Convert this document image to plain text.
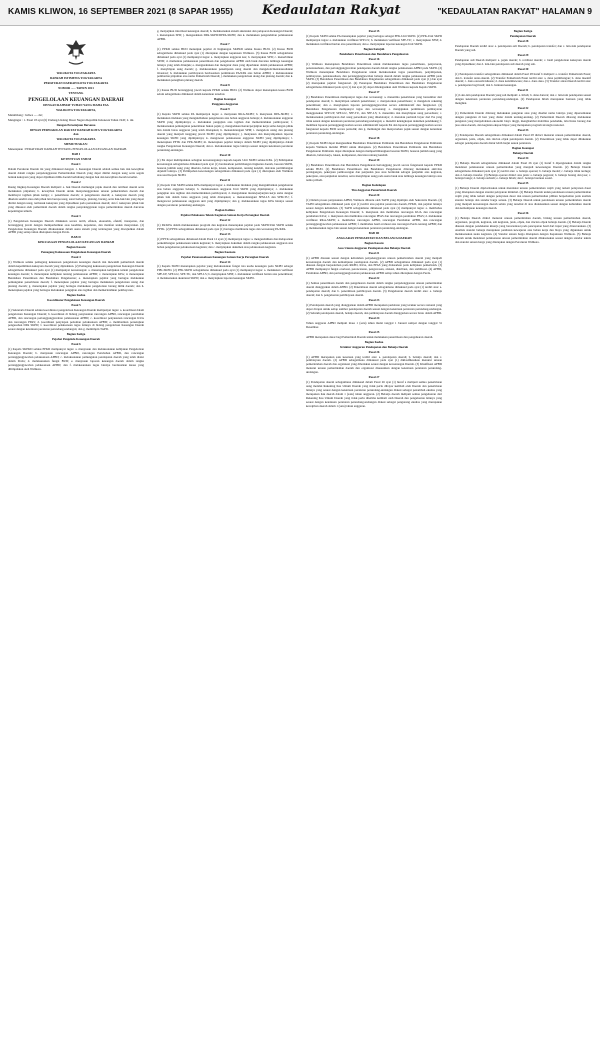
KAMIS KLIWON, 16 SEPTEMBER 2021 (8 SAPAR 1955) Kedaulatan Rakyat	"KEDAULATAN RAKYAT" HALAMAN 9

WALIKOTA YOGYAKARTA

DAERAH ISTIMEWA YOGYAKARTA

PERATURAN DAERAH KOTA YOGYAKARTA

NOMOR ...... TAHUN 2021

TENTANG

PENGELOLAAN KEUANGAN DAERAH

DENGAN RAHMAT TUHAN YANG MAHA ESA

WALIKOTA YOGYAKARTA,

Menimbang : bahwa ..... dst;

Mengingat : 1. Pasal 18 ayat (6) Undang-Undang Dasar Negara Republik Indonesia Tahun 1945; 2. dst.

Dengan Persetujuan Bersama

DEWAN PERWAKILAN RAKYAT DAERAH KOTA YOGYAKARTA

dan

WALIKOTA YOGYAKARTA

MEMUTUSKAN:

Menetapkan : PERATURAN DAERAH TENTANG PENGELOLAAN KEUANGAN DAERAH.

BAB I

KETENTUAN UMUM

Pasal 1

Dalam Peraturan Daerah ini yang dimaksud dengan: 1. Keuangan Daerah adalah semua hak dan kewajiban daerah dalam rangka penyelenggaraan Pemerintahan Daerah yang dapat dinilai dengan uang serta segala bentuk kekayaan yang dapat dijadikan milik daerah berhubung dengan hak dan kewajiban daerah tersebut.

Pasal 2

Ruang lingkup Keuangan Daerah meliputi: a. hak Daerah memungut pajak daerah dan retribusi daerah serta melakukan pinjaman; b. kewajiban Daerah untuk menyelenggarakan urusan pemerintahan daerah dan membayar tagihan pihak ketiga; c. penerimaan daerah; d. pengeluaran daerah; e. kekayaan daerah yang dikelola sendiri atau oleh pihak lain berupa uang, surat berharga, piutang, barang, serta hak-hak lain yang dapat dinilai dengan uang, termasuk kekayaan yang dipisahkan pada perusahaan daerah; dan f. kekayaan pihak lain yang dikuasai oleh pemerintah daerah dalam rangka penyelenggaraan tugas pemerintahan daerah dan/atau kepentingan umum.

Pasal 3

(1) Pengelolaan Keuangan Daerah dilakukan secara tertib, efisien, ekonomis, efektif, transparan, dan bertanggung jawab dengan memperhatikan asas keadilan, kepatutan, dan manfaat untuk masyarakat. (2) Pengelolaan Keuangan Daerah dilaksanakan dalam suatu sistem yang terintegrasi yang diwujudkan dalam APBD yang setiap tahun ditetapkan dengan Perda.

BAB II

KEKUASAAN PENGELOLAAN KEUANGAN DAERAH

Bagian Kesatu

Pemegang Kekuasaan Pengelolaan Keuangan Daerah

Pasal 4

(1) Walikota selaku pemegang kekuasaan pengelolaan keuangan daerah dan mewakili pemerintah daerah dalam kepemilikan kekayaan daerah yang dipisahkan. (2) Pemegang kekuasaan pengelolaan Keuangan Daerah sebagaimana dimaksud pada ayat (1) mempunyai kewenangan: a. menetapkan kebijakan terkait pengelolaan keuangan daerah; b. menetapkan kebijakan tentang pelaksanaan APBD; c. menetapkan KPA; d. menetapkan Bendahara Penerimaan dan Bendahara Pengeluaran; e. menetapkan pejabat yang bertugas melakukan pemungutan penerimaan daerah; f. menetapkan pejabat yang bertugas melakukan pengelolaan utang dan piutang daerah; g. menetapkan pejabat yang bertugas melakukan pengelolaan barang milik daerah; dan h. menetapkan pejabat yang bertugas melakukan pengujian atas tagihan dan memerintahkan pembayaran.

Bagian Kedua

Koordinator Pengelolaan Keuangan Daerah

Pasal 5

(1) Sekretaris Daerah selaku koordinator pengelolaan Keuangan Daerah mempunyai tugas: a. koordinasi dalam pengelolaan Keuangan Daerah; b. koordinasi di bidang penyusunan rancangan APBD, rancangan perubahan APBD, dan rancangan pertanggungjawaban pelaksanaan APBD; c. koordinasi penyusunan rancangan KUA dan rancangan PPAS; d. koordinasi penyiapan pedoman pelaksanaan APBD; e. memberikan persetujuan pengesahan DPA SKPD; f. koordinasi pelaksanaan tugas lainnya di bidang pengelolaan Keuangan Daerah sesuai dengan ketentuan peraturan perundang-undangan; dan g. memimpin TAPD.

Bagian Ketiga

Pejabat Pengelola Keuangan Daerah

Pasal 6

(1) Kepala SKPKD selaku PPKD mempunyai tugas: a. menyusun dan melaksanakan kebijakan Pengelolaan Keuangan Daerah; b. menyusun rancangan APBD, rancangan Perubahan APBD, dan rancangan pertanggungjawaban pelaksanaan APBD; c. melaksanakan pemungutan pendapatan daerah yang telah diatur dalam Perda; d. melaksanakan fungsi BUD; e. menyusun laporan keuangan daerah dalam rangka pertanggungjawaban pelaksanaan APBD; dan f. melaksanakan tugas lainnya berdasarkan kuasa yang dilimpahkan oleh Walikota.

g. menyajikan informasi keuangan daerah; h. melaksanakan sistem akuntansi dan pelaporan Keuangan Daerah; i. menetapkan SPD; j. mengesahkan DPA-SKPD/DPPA-SKPD; dan k. melakukan pengendalian pelaksanaan APBD.

Pasal 7

(1) PPKD selaku BUD menunjuk pejabat di lingkungan SKPKD selaku Kuasa BUD. (2) Kuasa BUD sebagaimana dimaksud pada ayat (1) ditetapkan dengan keputusan Walikota. (3) Kuasa BUD sebagaimana dimaksud pada ayat (1) mempunyai tugas: a. menyiapkan anggaran kas; b. menyiapkan SPD; c. menerbitkan SP2D; d. memantau pelaksanaan penerimaan dan pengeluaran APBD oleh bank dan/atau lembaga keuangan lainnya yang telah ditunjuk; e. mengusahakan dan mengatur dana yang diperlukan dalam pelaksanaan APBD; f. menyimpan uang daerah; g. melaksanakan penempatan uang daerah dan mengelola/menatausahakan investasi; h. melakukan pembayaran berdasarkan permintaan PA/KPA atas beban APBD; i. melaksanakan pemberian pinjaman atas nama Pemerintah Daerah; j. melakukan pengelolaan utang dan piutang daerah; dan k. melakukan penagihan piutang daerah.

Pasal 8

(1) Kuasa BUD bertanggung jawab kepada PPKD selaku BUD. (2) Walikota dapat menetapkan kuasa BUD selain sebagaimana dimaksud dalam ketentuan tersebut.

Bagian Keempat

Pengguna Anggaran

Pasal 9

(1) Kepala SKPD selaku PA mempunyai tugas: a. menyusun RKA-SKPD; b. menyusun DPA-SKPD; c. melakukan tindakan yang mengakibatkan pengeluaran atas beban anggaran belanja; d. melaksanakan anggaran SKPD yang dipimpinnya; e. melakukan pengujian atas tagihan dan memerintahkan pembayaran; f. melaksanakan pemungutan penerimaan bukan pajak; g. mengadakan ikatan/perjanjian kerja sama dengan pihak lain dalam batas anggaran yang telah ditetapkan; h. menandatangani SPM; i. mengelola utang dan piutang daerah yang menjadi tanggung jawab SKPD yang dipimpinnya; j. menyusun dan menyampaikan laporan keuangan SKPD yang dipimpinnya; k. mengawasi pelaksanaan anggaran SKPD yang dipimpinnya; l. menetapkan PPTK dan PPK-SKPD; m. menetapkan pejabat lainnya dalam SKPD yang dipimpinnya dalam rangka Pengelolaan Keuangan Daerah; dan n. melaksanakan tugas lainnya sesuai dengan ketentuan peraturan perundang-undangan.

Pasal 10

(1) PA dapat melimpahkan sebagian kewenangannya kepada kepala Unit SKPD selaku KPA. (2) Pelimpahan kewenangan sebagaimana dimaksud pada ayat (1) berdasarkan pertimbangan tingkatan daerah, besaran SKPD, besaran jumlah uang yang dikelola, beban kerja, lokasi, kompetensi, rentang kendali, dan/atau pertimbangan objektif lainnya. (3) Pelimpahan kewenangan sebagaimana dimaksud pada ayat (1) ditetapkan oleh Walikota atas usul Kepala SKPD.

Pasal 11

(1) Kepala Unit SKPD selaku KPA mempunyai tugas: a. melakukan tindakan yang mengakibatkan pengeluaran atas beban anggaran belanja; b. melaksanakan anggaran Unit SKPD yang dipimpinnya; c. melakukan pengujian atas tagihan dan memerintahkan pembayaran; d. mengadakan ikatan/perjanjian kerja sama dengan pihak lain dalam batas anggaran yang telah ditetapkan; e. menandatangani SPM-LS dan SPM-TU; f. mengawasi pelaksanaan anggaran unit yang dipimpinnya; dan g. melaksanakan tugas KPA lainnya sesuai dengan peraturan perundang-undangan.

Bagian Kelima

Pejabat Pelaksana Teknis Kegiatan Satuan Kerja Perangkat Daerah

Pasal 12

(1) PA/KPA dalam melaksanakan program dan kegiatan menetapkan pejabat pada SKPD/Unit SKPD selaku PPTK. (2) PPTK sebagaimana dimaksud pada ayat (1) bertugas membantu tugas dan wewenang PA/KPA.

Pasal 13

(1) PPTK sebagaimana dimaksud dalam Pasal 12 ayat (1) mempunyai tugas: a. mengendalikan dan melaporkan perkembangan pelaksanaan teknis kegiatan; b. menyiapkan dokumen dalam rangka pelaksanaan anggaran atas beban pengeluaran pelaksanaan kegiatan; dan c. menyiapkan dokumen atas pelaksanaan kegiatan.

Bagian Keenam

Pejabat Penatausahaan Keuangan Satuan Kerja Perangkat Daerah

Pasal 14

(1) Kepala SKPD menetapkan pejabat yang melaksanakan fungsi tata usaha keuangan pada SKPD sebagai PPK-SKPD. (2) PPK-SKPD sebagaimana dimaksud pada ayat (1) mempunyai tugas: a. melakukan verifikasi SPP-UP, SPP-GU, SPP-TU, dan SPP-LS; b. menyiapkan SPM; c. melakukan verifikasi harian atas penerimaan; d. melaksanakan akuntansi SKPD; dan e. menyiapkan laporan keuangan SKPD.

Pasal 15

(1) Kepala SKPD selaku PA menetapkan pejabat yang bertugas sebagai PPK-Unit SKPD. (2) PPK-Unit SKPD mempunyai tugas: a. melakukan verifikasi SPP-LS; b. melakukan verifikasi SPP-TU; c. menyiapkan SPM; d. melakukan verifikasi harian atas penerimaan; dan e. menyiapkan laporan keuangan Unit SKPD.

Bagian Ketujuh

Bendahara Penerimaan dan Bendahara Pengeluaran

Pasal 16

(1) Walikota menetapkan Bendahara Penerimaan untuk melaksanakan tugas penerimaan, penyetoran, penatausahaan, dan pertanggungjawaban pendapatan daerah dalam rangka pelaksanaan APBD pada SKPD. (2) Walikota menetapkan Bendahara Pengeluaran untuk melaksanakan tugas penerimaan, penyimpanan, pembayaran, penatausahaan, dan pertanggungjawaban belanja daerah dalam rangka pelaksanaan APBD pada SKPD. (3) Bendahara Penerimaan dan Bendahara Pengeluaran sebagaimana dimaksud pada ayat (1) dan ayat (2) merupakan pejabat fungsional. (4) Penetapan Bendahara Penerimaan dan Bendahara Pengeluaran sebagaimana dimaksud pada ayat (1) dan ayat (2) dapat didelegasikan oleh Walikota kepada Kepala SKPD.

Pasal 17

(1) Bendahara Penerimaan mempunyai tugas dan wewenang: a. menerima penerimaan yang bersumber dari pendapatan daerah; b. menyimpan seluruh penerimaan; c. menyetorkan penerimaan; d. mengelola rekening penerimaan; dan e. menyiapkan laporan pertanggungjawaban secara administratif dan fungsional. (2) Bendahara Pengeluaran mempunyai tugas dan wewenang: a. mengajukan permintaan pembayaran menggunakan SPP-UP, SPP-GU, SPP-TU, dan SPP-LS; b. menerima dan menyimpan uang persediaan; c. melaksanakan pembayaran dari uang persediaan yang dikelolanya; d. menolak perintah bayar dari PA yang tidak sesuai dengan ketentuan peraturan perundang-undangan; e. meneliti kelengkapan dokumen pendukung; f. membuat laporan pertanggungjawaban secara administratif kepada PA dan laporan pertanggungjawaban secara fungsional kepada BUD secara periodik; dan g. memungut dan menyetorkan pajak sesuai dengan ketentuan peraturan perundang-undangan.

Pasal 18

(1) Kepala SKPD dapat mengusulkan Bendahara Penerimaan Pembantu dan Bendahara Pengeluaran Pembantu kepada Walikota melalui PPKD untuk ditetapkan. (2) Bendahara Penerimaan Pembantu dan Bendahara Pengeluaran Pembantu dapat ditetapkan dengan mempertimbangkan besaran SKPD, besaran jumlah uang yang dikelola, beban kerja, lokasi, kompetensi, dan/atau rentang kendali.

Pasal 19

(1) Bendahara Penerimaan dan Bendahara Pengeluaran bertanggung jawab secara fungsional kepada PPKD selaku BUD. (2) Bendahara Penerimaan dan Bendahara Pengeluaran dilarang melakukan aktivitas perdagangan, pekerjaan pemborongan dan penjualan jasa atau bertindak sebagai penjamin atas kegiatan, pekerjaan, atau penjualan tersebut, serta menyimpan uang pada suatu bank atau lembaga keuangan lainnya atas nama pribadi.

Bagian Kedelapan

Tim Anggaran Pemerintah Daerah

Pasal 20

(1) Dalam proses penyusunan APBD, Walikota dibantu oleh TAPD yang dipimpin oleh Sekretaris Daerah. (2) TAPD sebagaimana dimaksud pada ayat (1) terdiri atas pejabat perencana daerah, PPKD, dan pejabat lainnya sesuai dengan kebutuhan. (3) TAPD sebagaimana dimaksud pada ayat (1) mempunyai tugas: a. membahas kebijakan Pengelolaan Keuangan Daerah; b. menyusun dan membahas rancangan KUA dan rancangan perubahan KUA; c. menyusun dan membahas rancangan PPAS dan rancangan perubahan PPAS; d. melakukan verifikasi RKA-SKPD; e. membahas rancangan APBD, rancangan Perubahan APBD, dan rancangan pertanggungjawaban pelaksanaan APBD; f. membahas hasil evaluasi atas rancangan Perda tentang APBD; dan g. melaksanakan tugas lain sesuai dengan ketentuan peraturan perundang-undangan.

BAB III

ANGGARAN PENDAPATAN DAN BELANJA DAERAH

Bagian Kesatu

Asas Umum Anggaran Pendapatan dan Belanja Daerah

Pasal 21

(1) APBD disusun sesuai dengan kebutuhan penyelenggaraan urusan pemerintahan daerah yang menjadi kewenangan daerah dan kemampuan pendapatan daerah. (2) APBD sebagaimana dimaksud pada ayat (1) disusun dengan berpedoman pada RKPD, KUA, dan PPAS yang didasarkan pada kebijakan pemerintah. (3) APBD mempunyai fungsi otorisasi, perencanaan, pengawasan, alokasi, distribusi, dan stabilisasi. (4) APBD, Perubahan APBD, dan pertanggungjawaban pelaksanaan APBD setiap tahun ditetapkan dengan Perda.

Pasal 22

(1) Semua penerimaan daerah dan pengeluaran daerah dalam rangka penyelenggaraan urusan pemerintahan daerah dianggarkan dalam APBD. (2) Penerimaan daerah sebagaimana dimaksud pada ayat (1) terdiri atas: a. pendapatan daerah; dan b. penerimaan pembiayaan daerah. (3) Pengeluaran daerah terdiri atas: a. belanja daerah; dan b. pengeluaran pembiayaan daerah.

Pasal 23

(1) Pendapatan daerah yang dianggarkan dalam APBD merupakan perkiraan yang terukur secara rasional yang dapat dicapai untuk setiap sumber pendapatan daerah sesuai dengan ketentuan peraturan perundang-undangan. (2) Seluruh pendapatan daerah, belanja daerah, dan pembiayaan daerah dianggarkan secara bruto dalam APBD.

Pasal 24

Tahun anggaran APBD meliputi masa 1 (satu) tahun mulai tanggal 1 Januari sampai dengan tanggal 31 Desember.

Pasal 25

APBD merupakan dasar bagi Pemerintah Daerah untuk melakukan penerimaan dan pengeluaran daerah.

Bagian Kedua

Struktur Anggaran Pendapatan dan Belanja Daerah

Pasal 26

(1) APBD merupakan satu kesatuan yang terdiri atas: a. pendapatan daerah; b. belanja daerah; dan c. pembiayaan daerah. (2) APBD sebagaimana dimaksud pada ayat (1) diklasifikasikan menurut urusan pemerintahan daerah dan organisasi yang dibedakan sesuai dengan kewenangan Daerah. (3) Klasifikasi APBD menurut urusan pemerintahan daerah dan organisasi disesuaikan dengan ketentuan peraturan perundang-undangan.

Pasal 27

(1) Pendapatan daerah sebagaimana dimaksud dalam Pasal 26 ayat (1) huruf a meliputi semua penerimaan uang melalui Rekening Kas Umum Daerah yang tidak perlu dibayar kembali oleh Daerah dan penerimaan lainnya yang sesuai dengan ketentuan peraturan perundang-undangan diakui sebagai penambah ekuitas yang merupakan hak daerah dalam 1 (satu) tahun anggaran. (2) Belanja daerah meliputi semua pengeluaran dari Rekening Kas Umum Daerah yang tidak perlu diterima kembali oleh Daerah dan pengeluaran lainnya yang sesuai dengan ketentuan peraturan perundang-undangan diakui sebagai pengurang ekuitas yang merupakan kewajiban daerah dalam 1 (satu) tahun anggaran.

Bagian Ketiga

Pendapatan Daerah

Pasal 28

Pendapatan Daerah terdiri atas: a. pendapatan asli Daerah; b. pendapatan transfer; dan c. lain-lain pendapatan Daerah yang sah.

Pasal 29

Pendapatan asli Daerah meliputi: a. pajak daerah; b. retribusi daerah; c. hasil pengelolaan kekayaan daerah yang dipisahkan; dan d. lain-lain pendapatan asli daerah yang sah.

Pasal 30

(1) Pendapatan transfer sebagaimana dimaksud dalam Pasal 28 huruf b meliputi: a. transfer Pemerintah Pusat; dan b. transfer antar-daerah. (2) Transfer Pemerintah Pusat terdiri atas: a. dana perimbangan; b. dana insentif daerah; c. dana otonomi khusus; d. dana keistimewaan; dan e. dana desa. (3) Transfer antar-Daerah terdiri atas: a. pendapatan bagi hasil; dan b. bantuan keuangan.

Pasal 31

(1) Lain-lain pendapatan Daerah yang sah meliputi: a. hibah; b. dana darurat; dan c. lain-lain pendapatan sesuai dengan ketentuan peraturan perundang-undangan. (2) Pendapatan hibah merupakan bantuan yang tidak mengikat.

Pasal 32

(1) Pemerintah Daerah dilarang melakukan pungutan atau yang disebut nama lainnya yang dipersamakan dengan pungutan di luar yang diatur dalam undang-undang. (2) Pemerintah Daerah dilarang melakukan pungutan yang menyebabkan ekonomi biaya tinggi, menghambat mobilitas penduduk, lalu lintas barang dan jasa antar-daerah, dan kegiatan ekspor/impor yang merupakan program strategis nasional.

Pasal 33

(1) Pendapatan Daerah sebagaimana dimaksud dalam Pasal 28 dirinci menurut urusan pemerintahan daerah, organisasi, jenis, objek, dan rincian objek pendapatan daerah. (2) Penerimaan yang tidak dapat dibukukan sebagai pendapatan daerah diatur lebih lanjut sesuai peraturan.

Bagian Keempat

Belanja Daerah

Pasal 34

(1) Belanja Daerah sebagaimana dimaksud dalam Pasal 26 ayat (1) huruf b dipergunakan dalam rangka mendanai pelaksanaan urusan pemerintahan yang menjadi kewenangan Daerah. (2) Belanja Daerah sebagaimana dimaksud pada ayat (1) terdiri atas: a. belanja operasi; b. belanja modal; c. belanja tidak terduga; dan d. belanja transfer. (3) Belanja operasi dirinci atas jenis: a. belanja pegawai; b. belanja barang dan jasa; c. belanja bunga; d. belanja subsidi; e. belanja hibah; dan f. belanja bantuan sosial.

Pasal 35

(1) Belanja Daerah diprioritaskan untuk mendanai urusan pemerintahan wajib yang terkait pelayanan dasar yang ditetapkan dengan standar pelayanan minimal. (2) Belanja Daerah untuk pendanaan urusan pemerintahan wajib yang tidak terkait dengan pelayanan dasar dan urusan pemerintahan pilihan berpedoman pada analisis standar belanja dan standar harga satuan. (3) Belanja Daerah untuk pendanaan urusan pemerintahan daerah yang menjadi kewenangan daerah selain yang tersebut di atas dialokasikan sesuai dengan kebutuhan daerah dan kemampuan keuangan daerah.

Pasal 36

(1) Belanja Daerah dirinci menurut urusan pemerintahan daerah, bidang urusan pemerintahan daerah, organisasi, program, kegiatan, sub kegiatan, jenis, objek, dan rincian objek belanja daerah. (2) Belanja Daerah disusun dengan pendekatan kinerja yang berorientasi pada pencapaian hasil dari input yang direncanakan. (3) Analisis standar belanja merupakan penilaian kewajaran atas beban kerja dan biaya yang digunakan untuk melaksanakan suatu kegiatan. (4) Standar satuan harga ditetapkan dengan Keputusan Walikota. (5) Belanja Daerah untuk mendanai pelaksanaan urusan pemerintahan daerah dilaksanakan sesuai dengan standar teknis dan standar satuan harga yang ditetapkan dengan Peraturan Walikota.
